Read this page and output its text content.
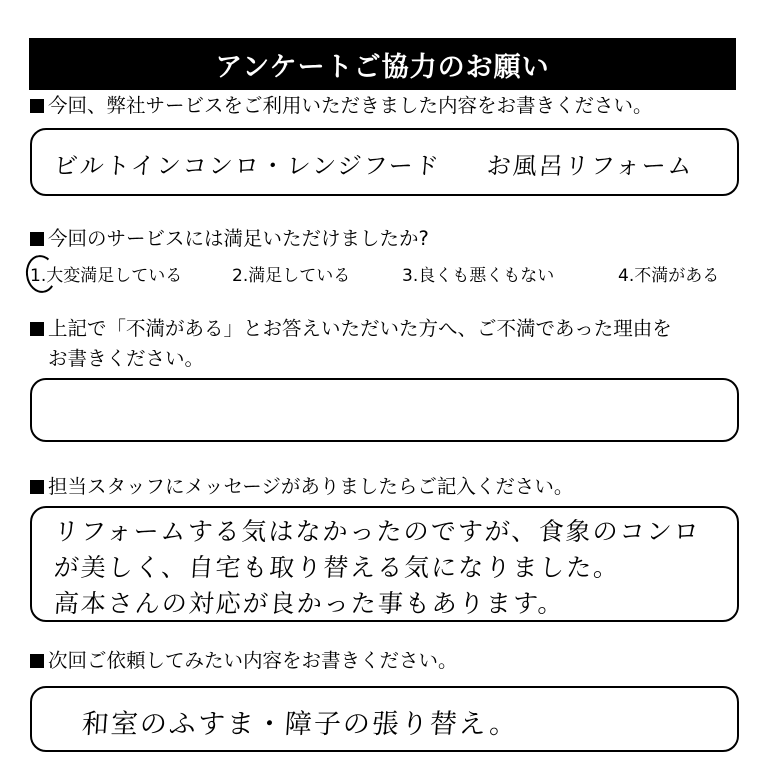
アンケートご協力のお願い
今回、弊社サービスをご利用いただきました内容をお書きください。
ビルトインコンロ・レンジフード お風呂リフォーム
今回のサービスには満足いただけましたか?
1.大変満足している	2.満足している	3.良くも悪くもない	4.不満がある
上記で「不満がある」とお答えいただいた方へ、ご不満であった理由を
お書きください。
担当スタッフにメッセージがありましたらご記入ください。
リフォームする気はなかったのですが、食象のコンロ
が美しく、自宅も取り替える気になりました。
高本さんの対応が良かった事もあります。
次回ご依頼してみたい内容をお書きください。
和室のふすま・障子の張り替え。
